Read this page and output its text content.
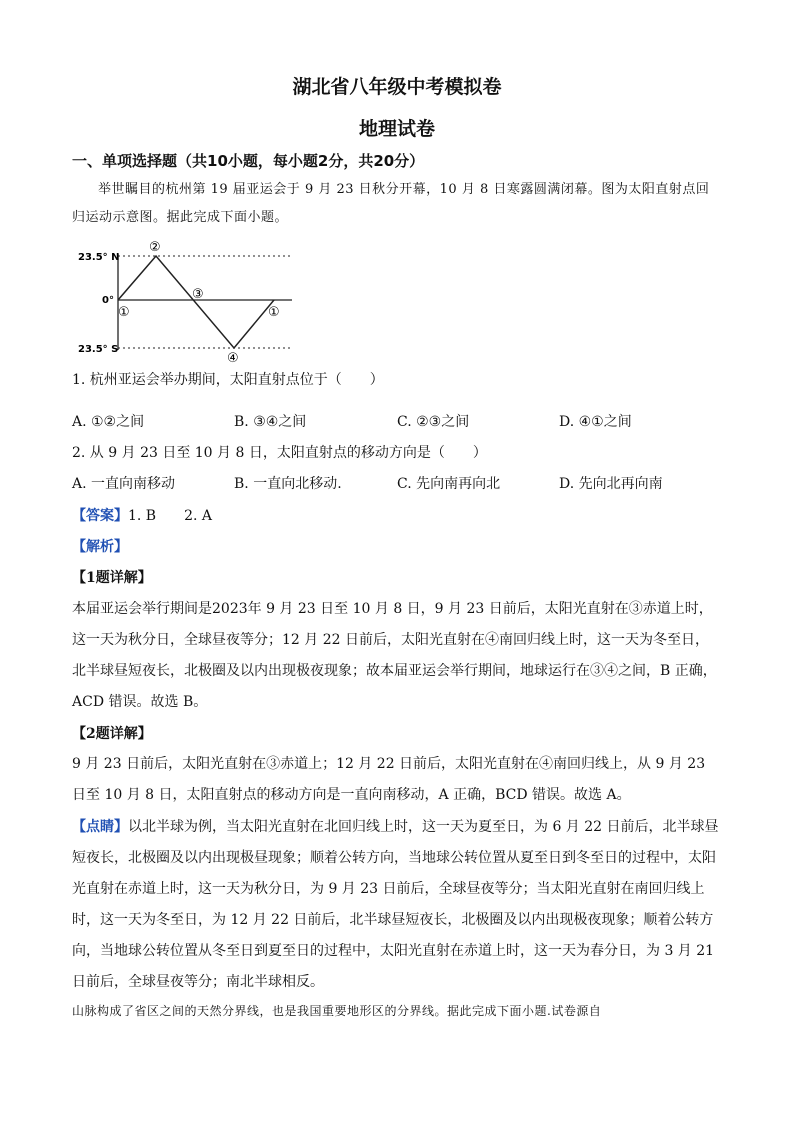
湖北省八年级中考模拟卷
地理试卷
一、单项选择题（共10小题，每小题2分，共20分）

举世瞩目的杭州第 19 届亚运会于 9 月 23 日秋分开幕，10 月 8 日寒露圆满闭幕。图为太阳直射点回归运动示意图。据此完成下面小题。

23.5° N
0°
23.5° S
①
②
③
④
①
1. 杭州亚运会举办期间，太阳直射点位于（　　）
A. ①②之间	B. ③④之间	C. ②③之间	D. ④①之间
2. 从 9 月 23 日至 10 月 8 日，太阳直射点的移动方向是（　　）
A. 一直向南移动	B. 一直向北移动.	C. 先向南再向北	D. 先向北再向南
【答案】1. B　　2. A
【解析】
【1题详解】

本届亚运会举行期间是2023年 9 月 23 日至 10 月 8 日，9 月 23 日前后，太阳光直射在③赤道上时，这一天为秋分日，全球昼夜等分；12 月 22 日前后，太阳光直射在④南回归线上时，这一天为冬至日，北半球昼短夜长，北极圈及以内出现极夜现象；故本届亚运会举行期间，地球运行在③④之间，B 正确，ACD 错误。故选 B。

【2题详解】

9 月 23 日前后，太阳光直射在③赤道上；12 月 22 日前后，太阳光直射在④南回归线上，从 9 月 23 日至 10 月 8 日，太阳直射点的移动方向是一直向南移动，A 正确，BCD 错误。故选 A。

【点睛】以北半球为例，当太阳光直射在北回归线上时，这一天为夏至日，为 6 月 22 日前后，北半球昼短夜长，北极圈及以内出现极昼现象；顺着公转方向，当地球公转位置从夏至日到冬至日的过程中，太阳光直射在赤道上时，这一天为秋分日，为 9 月 23 日前后，全球昼夜等分；当太阳光直射在南回归线上时，这一天为冬至日，为 12 月 22 日前后，北半球昼短夜长，北极圈及以内出现极夜现象；顺着公转方向，当地球公转位置从冬至日到夏至日的过程中，太阳光直射在赤道上时，这一天为春分日，为 3 月 21 日前后，全球昼夜等分；南北半球相反。

山脉构成了省区之间的天然分界线，也是我国重要地形区的分界线。据此完成下面小题.试卷源自
